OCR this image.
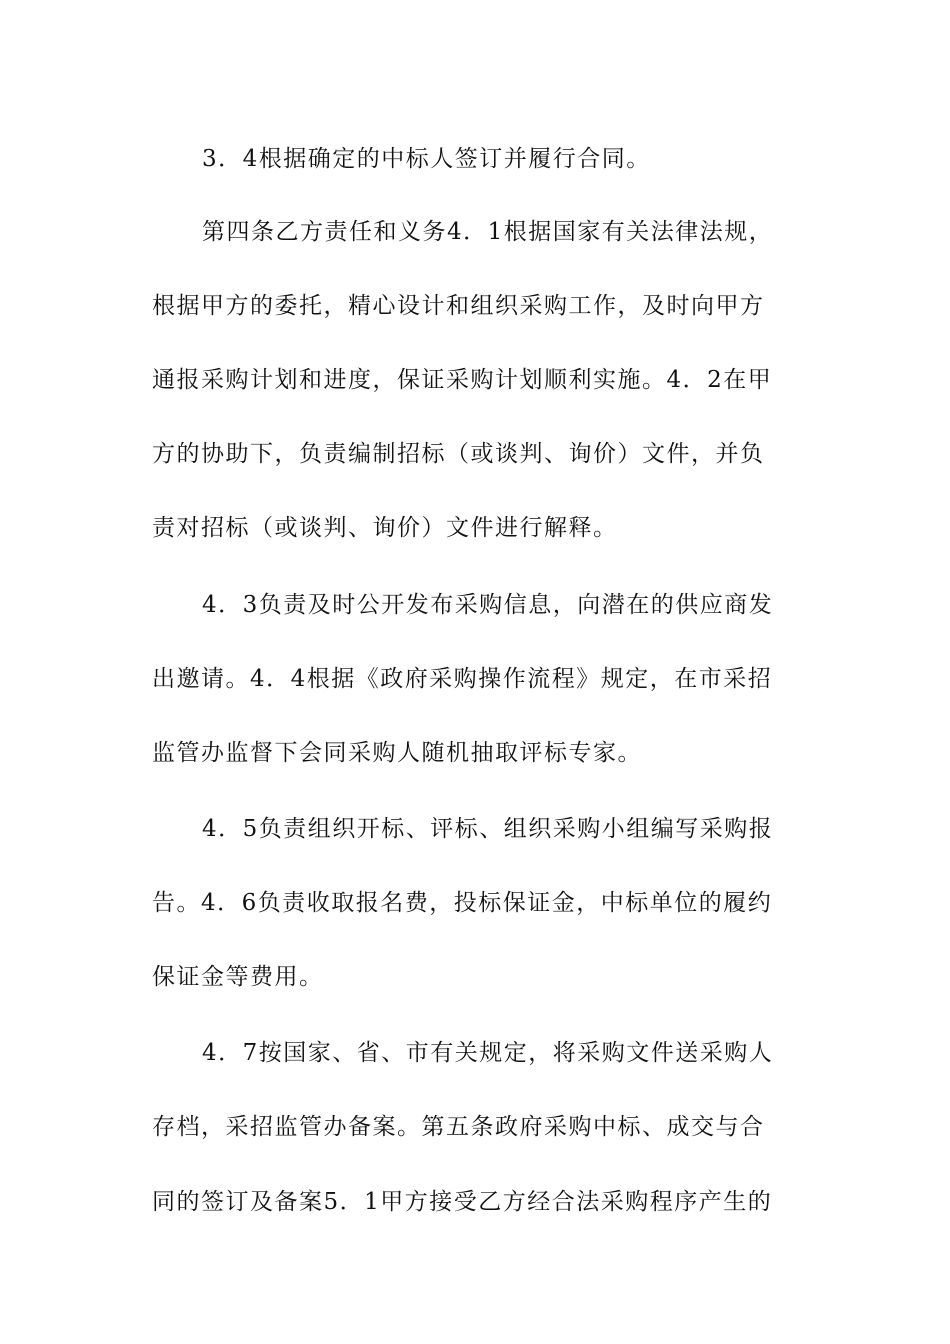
3．4根据确定的中标人签订并履行合同。
第四条乙方责任和义务4．1根据国家有关法律法规，
根据甲方的委托，精心设计和组织采购工作，及时向甲方
通报采购计划和进度，保证采购计划顺利实施。4．2在甲
方的协助下，负责编制招标（或谈判、询价）文件，并负
责对招标（或谈判、询价）文件进行解释。
4．3负责及时公开发布采购信息，向潜在的供应商发
出邀请。4．4根据《政府采购操作流程》规定，在市采招
监管办监督下会同采购人随机抽取评标专家。
4．5负责组织开标、评标、组织采购小组编写采购报
告。4．6负责收取报名费，投标保证金，中标单位的履约
保证金等费用。
4．7按国家、省、市有关规定，将采购文件送采购人
存档，采招监管办备案。第五条政府采购中标、成交与合
同的签订及备案5．1甲方接受乙方经合法采购程序产生的
